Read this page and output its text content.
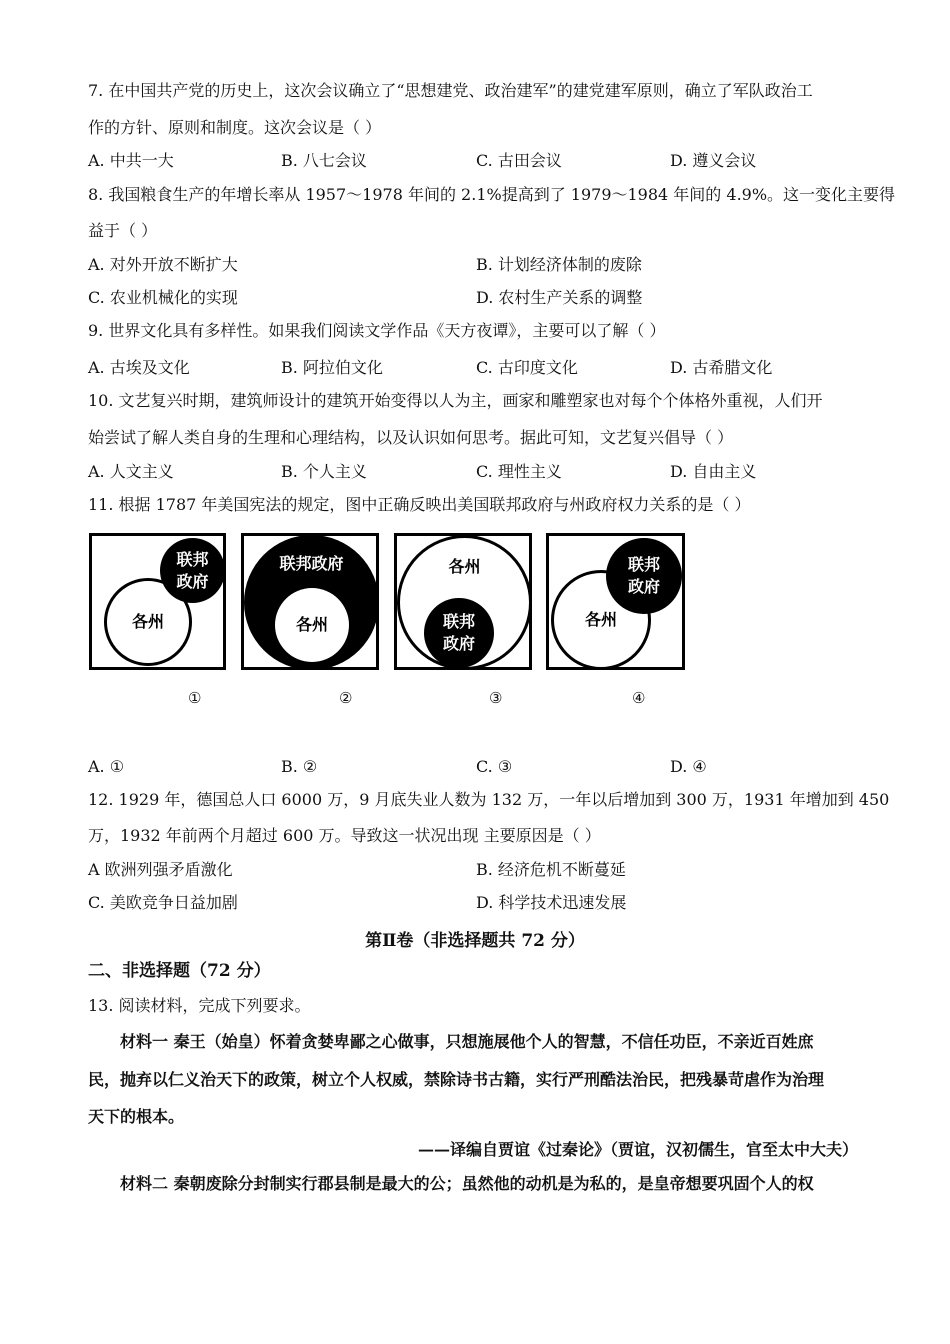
7. 在中国共产党的历史上，这次会议确立了“思想建党、政治建军”的建党建军原则，确立了军队政治工
作的方针、原则和制度。这次会议是（ ）
A. 中共一大	B. 八七会议	C. 古田会议	D. 遵义会议
8. 我国粮食生产的年增长率从 1957～1978 年间的 2.1%提高到了 1979～1984 年间的 4.9%。这一变化主要得
益于（ ）
A. 对外开放不断扩大	B. 计划经济体制的废除
C. 农业机械化的实现	D. 农村生产关系的调整
9. 世界文化具有多样性。如果我们阅读文学作品《天方夜谭》，主要可以了解（ ）
A. 古埃及文化	B. 阿拉伯文化	C. 古印度文化	D. 古希腊文化
10. 文艺复兴时期，建筑师设计的建筑开始变得以人为主，画家和雕塑家也对每个个体格外重视，人们开
始尝试了解人类自身的生理和心理结构，以及认识如何思考。据此可知，文艺复兴倡导（ ）
A. 人文主义	B. 个人主义	C. 理性主义	D. 自由主义
11. 根据 1787 年美国宪法的规定，图中正确反映出美国联邦政府与州政府权力关系的是（ ）
各州
联邦
政府
联邦政府
各州
各州
联邦
政府
各州
联邦
政府
①	②	③	④
A. ①	B. ②	C. ③	D. ④
12. 1929 年，德国总人口 6000 万，9 月底失业人数为 132 万，一年以后增加到 300 万，1931 年增加到 450
万，1932 年前两个月超过 600 万。导致这一状况出现 主要原因是（ ）
A 欧洲列强矛盾激化	B. 经济危机不断蔓延
C. 美欧竞争日益加剧	D. 科学技术迅速发展
第Ⅱ卷（非选择题共 72 分）
二、非选择题（72 分）
13. 阅读材料，完成下列要求。
材料一 秦王（始皇）怀着贪婪卑鄙之心做事，只想施展他个人的智慧，不信任功臣，不亲近百姓庶
民，抛弃以仁义治天下的政策，树立个人权威，禁除诗书古籍，实行严刑酷法治民，把残暴苛虐作为治理
天下的根本。
——译编自贾谊《过秦论》（贾谊，汉初儒生，官至太中大夫）
材料二 秦朝废除分封制实行郡县制是最大的公；虽然他的动机是为私的，是皇帝想要巩固个人的权
